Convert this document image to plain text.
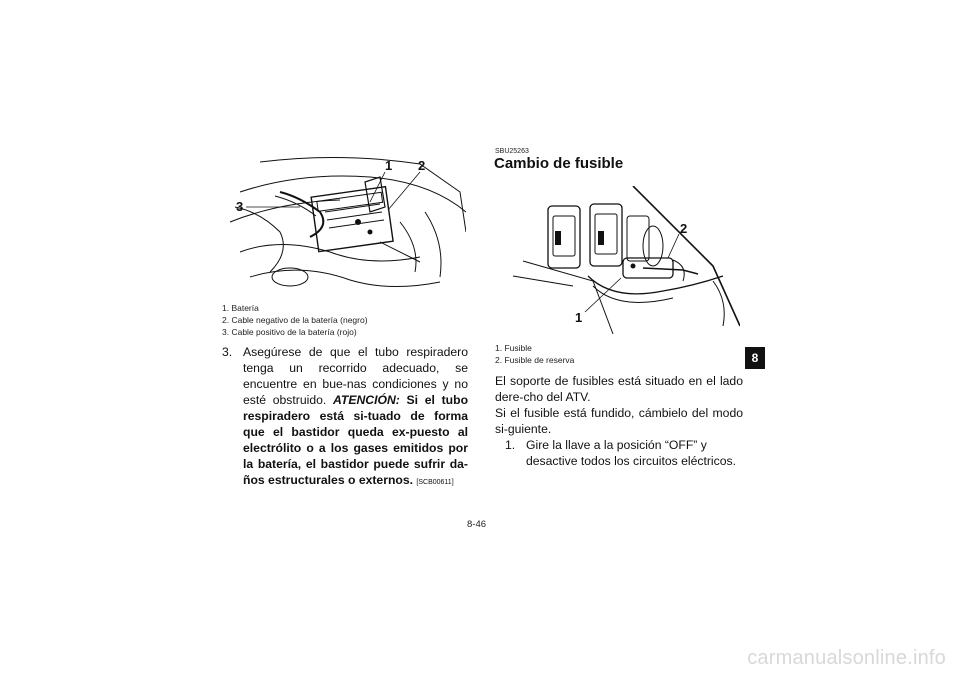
1 2
3
1. Batería
2. Cable negativo de la batería (negro)
3. Cable positivo de la batería (rojo)
3. Asegúrese de que el tubo respiradero tenga un recorrido adecuado, se encuentre en bue-nas condiciones y no esté obstruido. ATENCIÓN: Si el tubo respiradero está si-tuado de forma que el bastidor queda ex-puesto al electrólito o a los gases emitidos por la batería, el bastidor puede sufrir da-ños estructurales o externos. [SCB00611]
SBU25263
Cambio de fusible
1
2
1. Fusible
2. Fusible de reserva

El soporte de fusibles está situado en el lado dere-cho del ATV.

Si el fusible está fundido, cámbielo del modo si-guiente.

1. Gire la llave a la posición “OFF” y desactive todos los circuitos eléctricos.
8-46
8
carmanualsonline.info
